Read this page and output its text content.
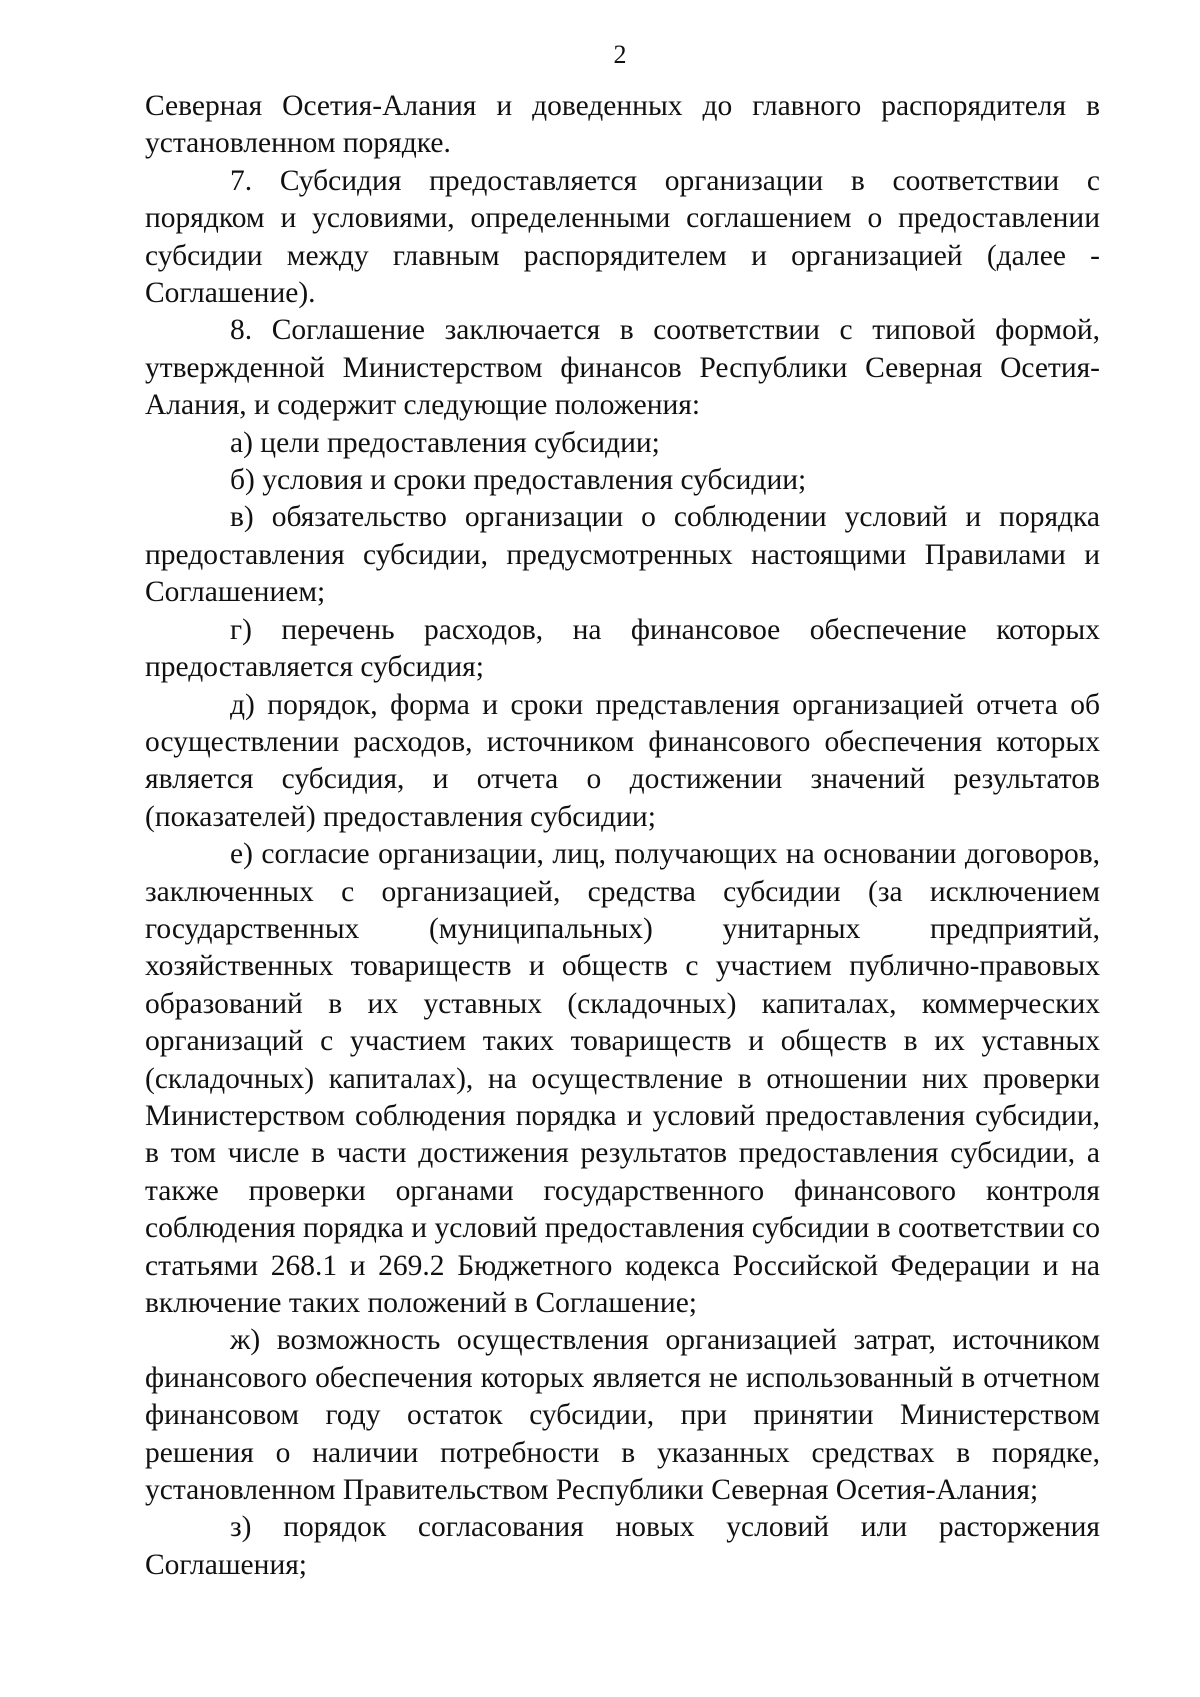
2

Северная Осетия-Алания и доведенных до главного распорядителя в установленном порядке.

7. Субсидия предоставляется организации в соответствии с порядком и условиями, определенными соглашением о предоставлении субсидии между главным распорядителем и организацией (далее - Соглашение).

8. Соглашение заключается в соответствии с типовой формой, утвержденной Министерством финансов Республики Северная Осетия-Алания, и содержит следующие положения:

а) цели предоставления субсидии;

б) условия и сроки предоставления субсидии;

в) обязательство организации о соблюдении условий и порядка предоставления субсидии, предусмотренных настоящими Правилами и Соглашением;

г) перечень расходов, на финансовое обеспечение которых предоставляется субсидия;

д) порядок, форма и сроки представления организацией отчета об осуществлении расходов, источником финансового обеспечения которых является субсидия, и отчета о достижении значений результатов (показателей) предоставления субсидии;

е) согласие организации, лиц, получающих на основании договоров, заключенных с организацией, средства субсидии (за исключением государственных (муниципальных) унитарных предприятий, хозяйственных товариществ и обществ с участием публично-правовых образований в их уставных (складочных) капиталах, коммерческих организаций с участием таких товариществ и обществ в их уставных (складочных) капиталах), на осуществление в отношении них проверки Министерством соблюдения порядка и условий предоставления субсидии, в том числе в части достижения результатов предоставления субсидии, а также проверки органами государственного финансового контроля соблюдения порядка и условий предоставления субсидии в соответствии со статьями 268.1 и 269.2 Бюджетного кодекса Российской Федерации и на включение таких положений в Соглашение;

ж) возможность осуществления организацией затрат, источником финансового обеспечения которых является не использованный в отчетном финансовом году остаток субсидии, при принятии Министерством решения о наличии потребности в указанных средствах в порядке, установленном Правительством Республики Северная Осетия-Алания;

з) порядок согласования новых условий или расторжения Соглашения;
